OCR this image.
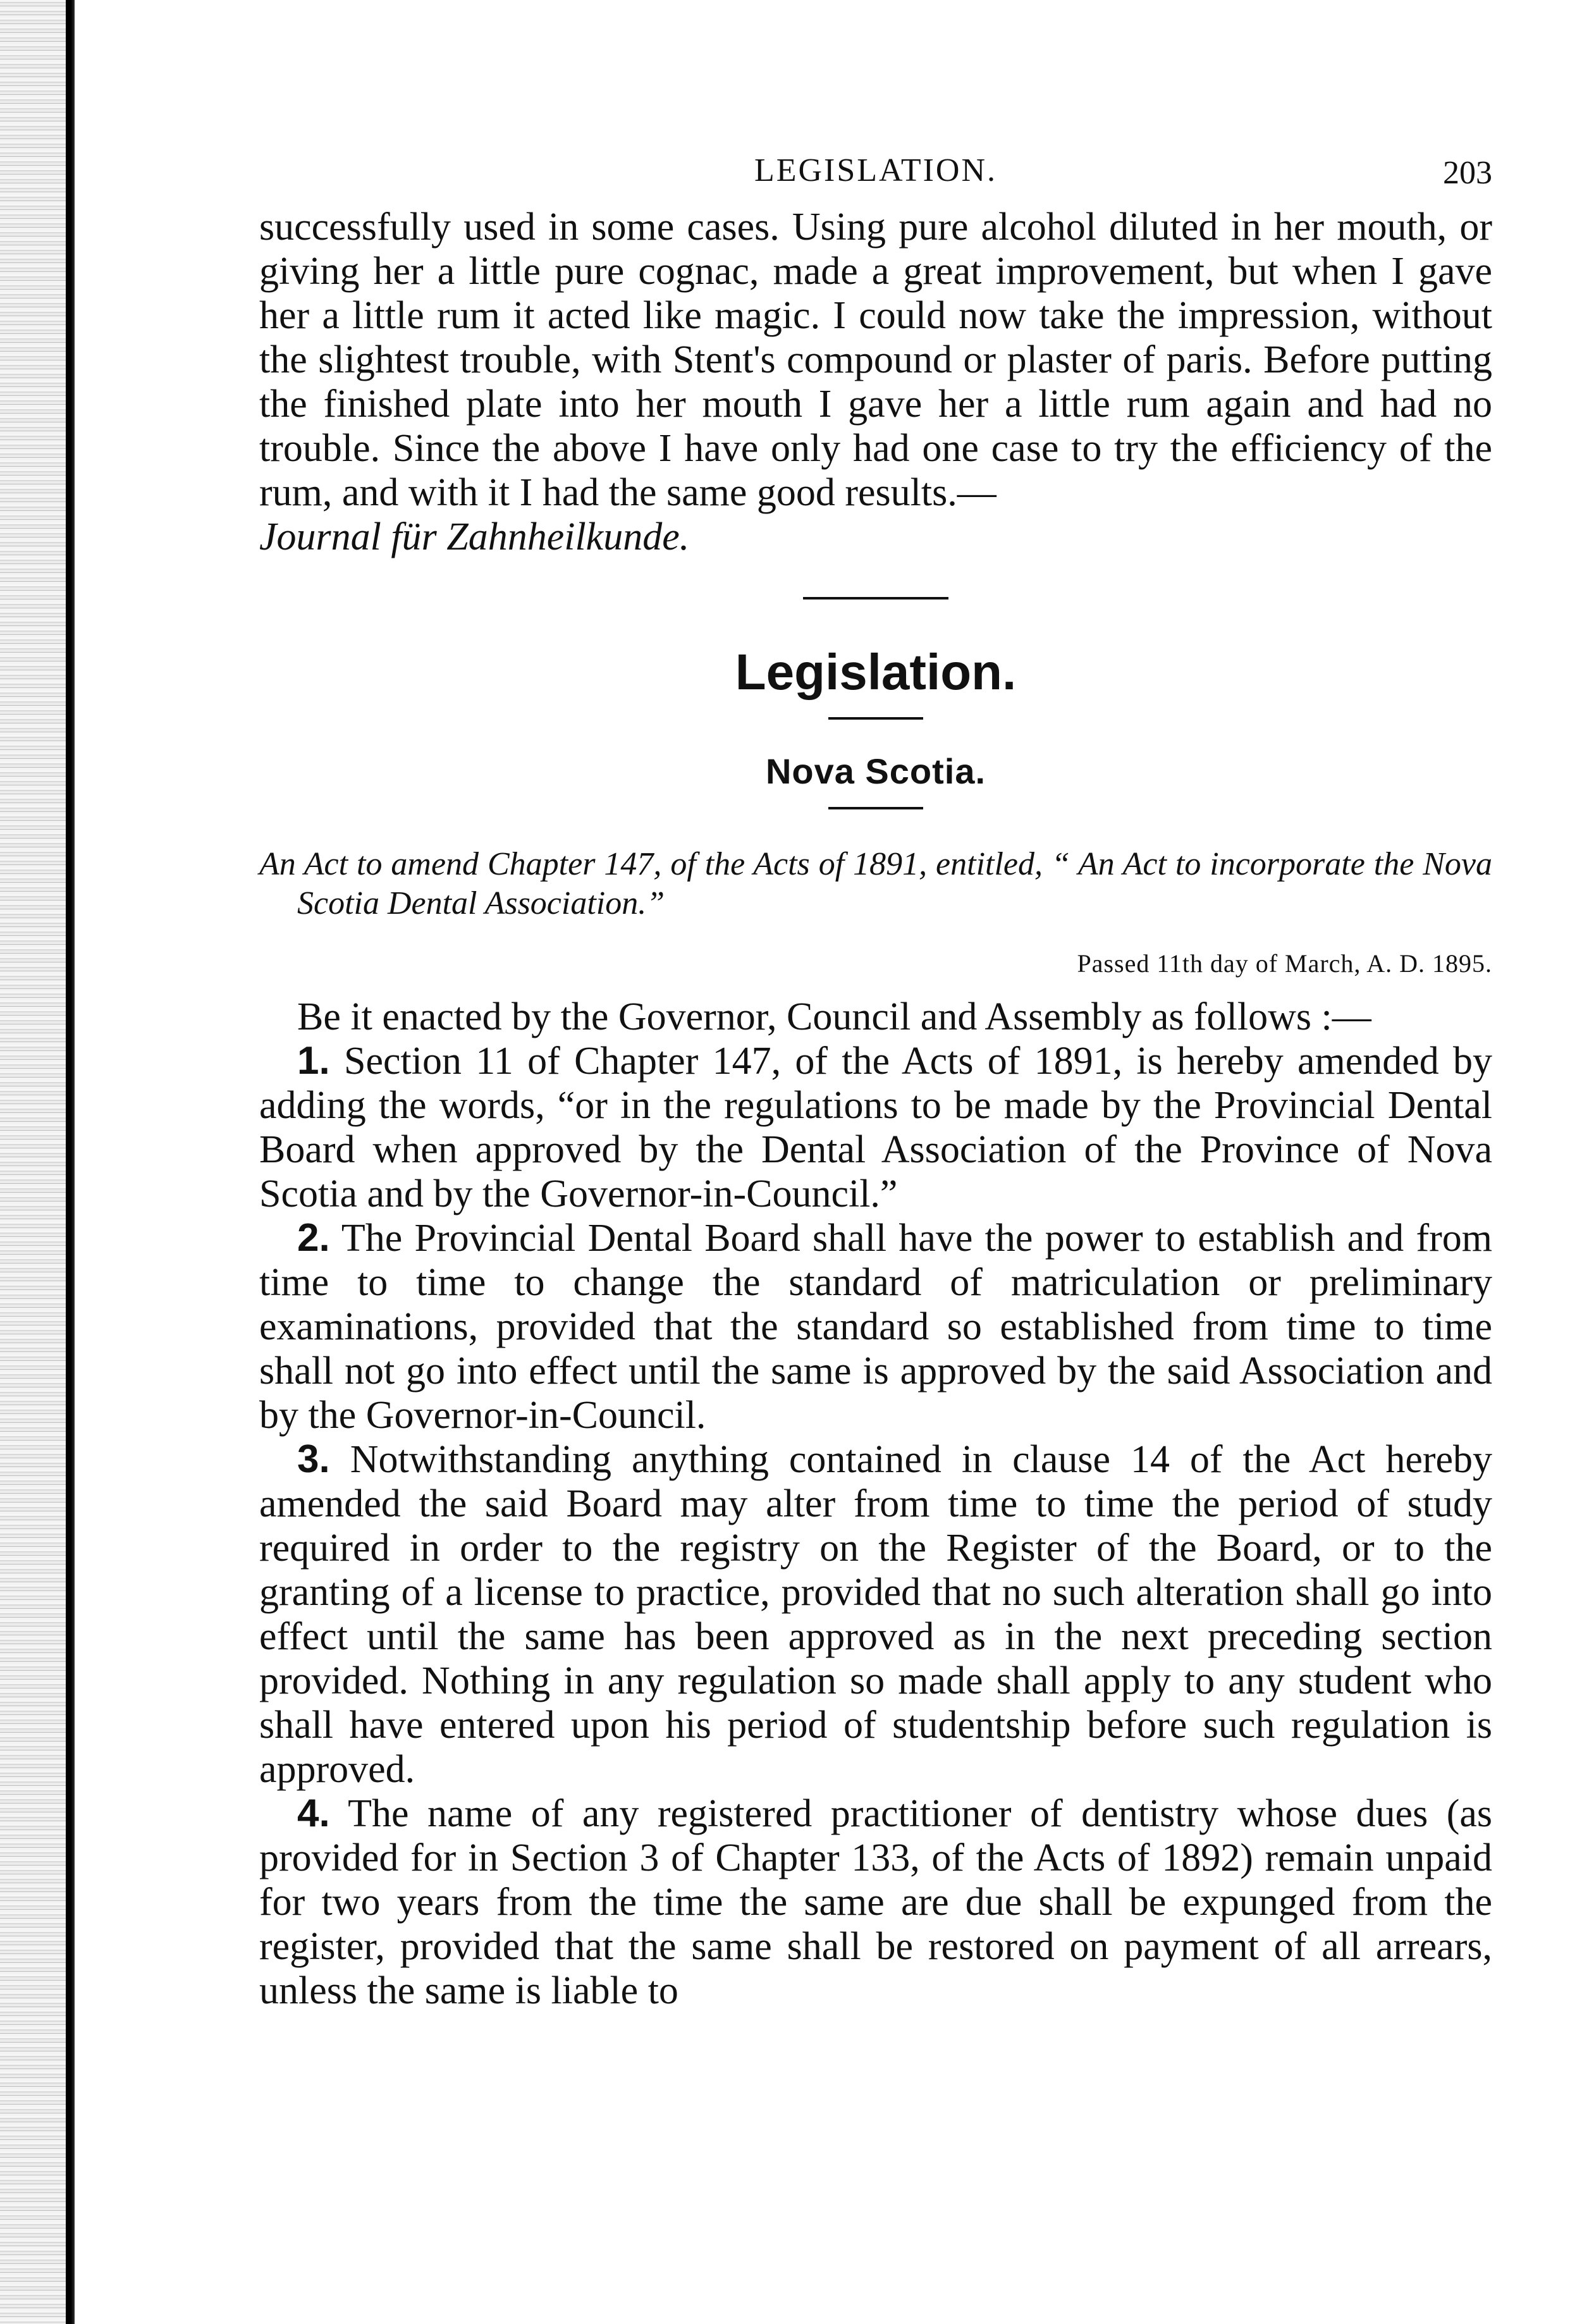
LEGISLATION.	203

successfully used in some cases. Using pure alcohol diluted in her mouth, or giving her a little pure cognac, made a great improvement, but when I gave her a little rum it acted like magic. I could now take the impression, without the slightest trouble, with Stent's compound or plaster of paris. Before putting the finished plate into her mouth I gave her a little rum again and had no trouble. Since the above I have only had one case to try the efficiency of the rum, and with it I had the same good results.—
Journal für Zahnheilkunde.

Legislation.
Nova Scotia.

An Act to amend Chapter 147, of the Acts of 1891, entitled, “ An Act to incorporate the Nova Scotia Dental Association.”

Passed 11th day of March, A. D. 1895.

Be it enacted by the Governor, Council and Assembly as follows :—

1. Section 11 of Chapter 147, of the Acts of 1891, is hereby amended by adding the words, “or in the regulations to be made by the Provincial Dental Board when approved by the Dental Association of the Province of Nova Scotia and by the Governor-in-Council.”

2. The Provincial Dental Board shall have the power to establish and from time to time to change the standard of matriculation or preliminary examinations, provided that the standard so established from time to time shall not go into effect until the same is approved by the said Association and by the Governor-in-Council.

3. Notwithstanding anything contained in clause 14 of the Act hereby amended the said Board may alter from time to time the period of study required in order to the registry on the Register of the Board, or to the granting of a license to practice, provided that no such alteration shall go into effect until the same has been approved as in the next preceding section provided. Nothing in any regulation so made shall apply to any student who shall have entered upon his period of studentship before such regulation is approved.

4. The name of any registered practitioner of dentistry whose dues (as provided for in Section 3 of Chapter 133, of the Acts of 1892) remain unpaid for two years from the time the same are due shall be expunged from the register, provided that the same shall be restored on payment of all arrears, unless the same is liable to
